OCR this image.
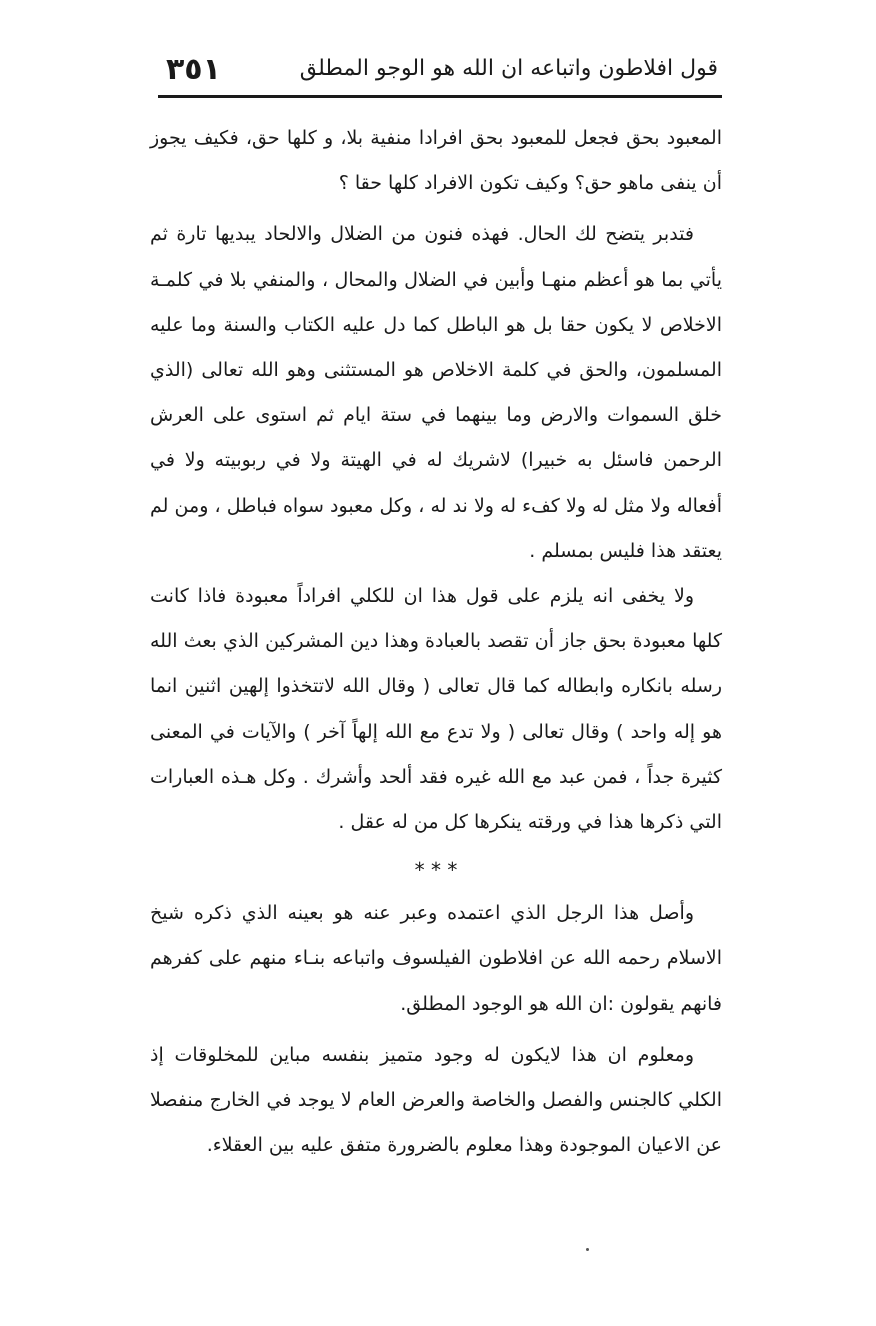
قول افلاطون واتباعه ان الله هو الوجو المطلق
٣٥١

المعبود بحق فجعل للمعبود بحق افرادا منفية بلا، و كلها حق، فكيف يجوز أن ينفى ماهو حق؟ وكيف تكون الافراد كلها حقا ؟

فتدبر يتضح لك الحال. فهذه فنون من الضلال والالحاد يبديها تارة ثم يأتي بما هو أعظم منهـا وأبين في الضلال والمحال ، والمنفي بلا في كلمـة الاخلاص لا يكون حقا بل هو الباطل كما دل عليه الكتاب والسنة وما عليه المسلمون، والحق في كلمة الاخلاص هو المستثنى وهو الله تعالى (الذي خلق السموات والارض وما بينهما في ستة ايام ثم استوى على العرش الرحمن فاسئل به خبيرا) لاشريك له في الهيتة ولا في ربوبيته ولا في أفعاله ولا مثل له ولا كفء له ولا ند له ، وكل معبود سواه فباطل ، ومن لم يعتقد هذا فليس بمسلم .

ولا يخفى انه يلزم على قول هذا ان للكلي افراداً معبودة فاذا كانت كلها معبودة بحق جاز أن تقصد بالعبادة وهذا دين المشركين الذي بعث الله رسله بانكاره وابطاله كما قال تعالى ( وقال الله لاتتخذوا إلهين اثنين انما هو إله واحد ) وقال تعالى ( ولا تدع مع الله إلهاً آخر ) والآيات في المعنى كثيرة جداً ، فمن عبد مع الله غيره فقد ألحد وأشرك . وكل هـذه العبارات التي ذكرها هذا في ورقته ينكرها كل من له عقل .

* * *

وأصل هذا الرجل الذي اعتمده وعبر عنه هو بعينه الذي ذكره شيخ الاسلام رحمه الله عن افلاطون الفيلسوف واتباعه بنـاء منهم على كفرهم فانهم يقولون :ان الله هو الوجود المطلق.

ومعلوم ان هذا لايكون له وجود متميز بنفسه مباين للمخلوقات إذ الكلي كالجنس والفصل والخاصة والعرض العام لا يوجد في الخارج منفصلا عن الاعيان الموجودة وهذا معلوم بالضرورة متفق عليه بين العقلاء.
